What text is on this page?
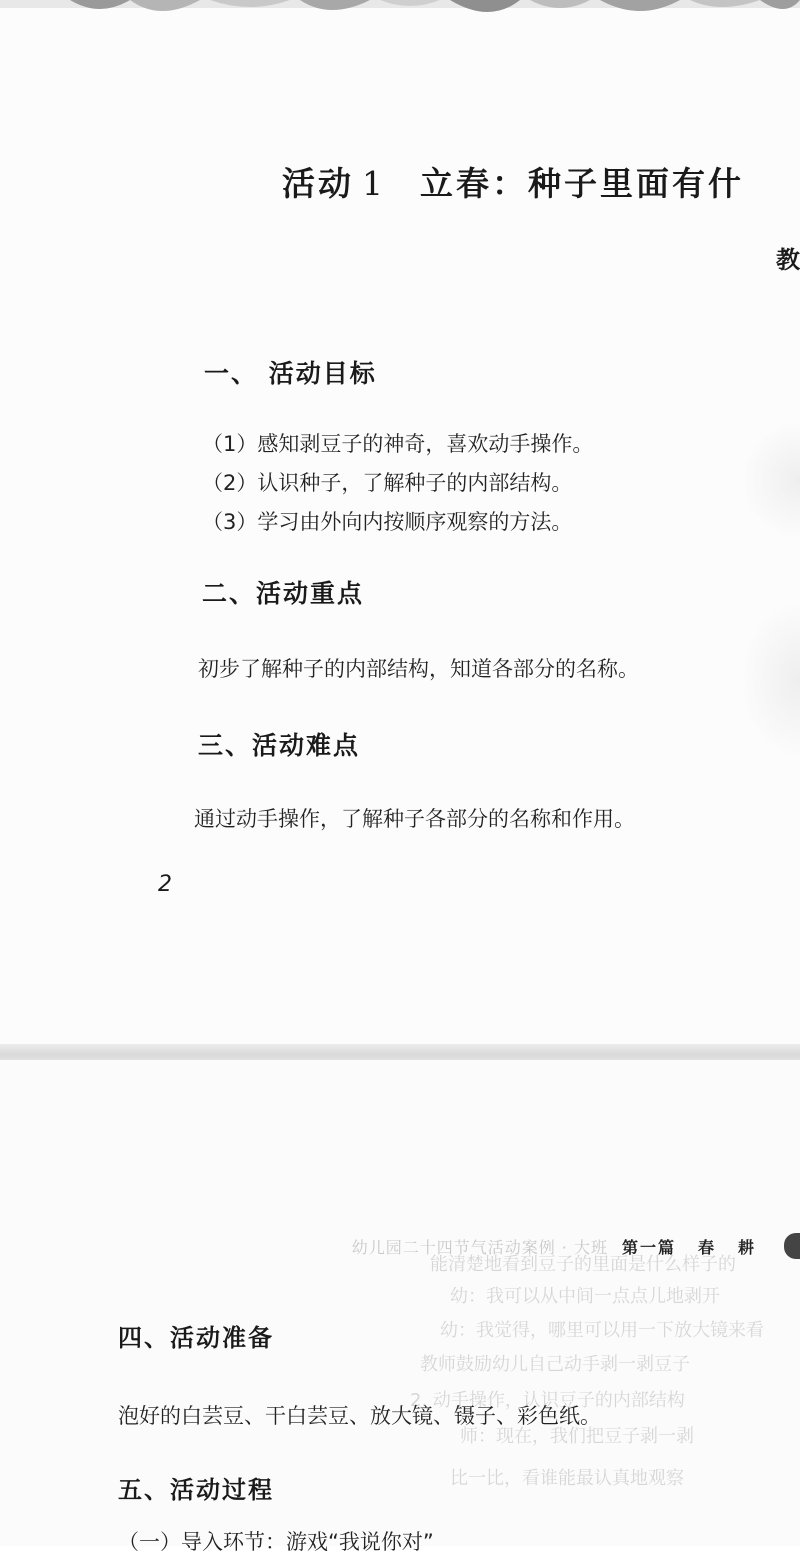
活动 1 立春：种子里面有什
教
一、 活动目标
（1）感知剥豆子的神奇，喜欢动手操作。
（2）认识种子，了解种子的内部结构。
（3）学习由外向内按顺序观察的方法。
二、活动重点
初步了解种子的内部结构，知道各部分的名称。
三、活动难点
通过动手操作，了解种子各部分的名称和作用。
2
能清楚地看到豆子的里面是什么样子的
幼：我可以从中间一点点儿地剥开
幼：我觉得，哪里可以用一下放大镜来看
教师鼓励幼儿自己动手剥一剥豆子
2. 动手操作，认识豆子的内部结构
师：现在，我们把豆子剥一剥
比一比，看谁能最认真地观察
幼儿园二十四节气活动案例 · 大班 第一篇 春 耕
四、活动准备
泡好的白芸豆、干白芸豆、放大镜、镊子、彩色纸。
五、活动过程
（一）导入环节：游戏“我说你对”
